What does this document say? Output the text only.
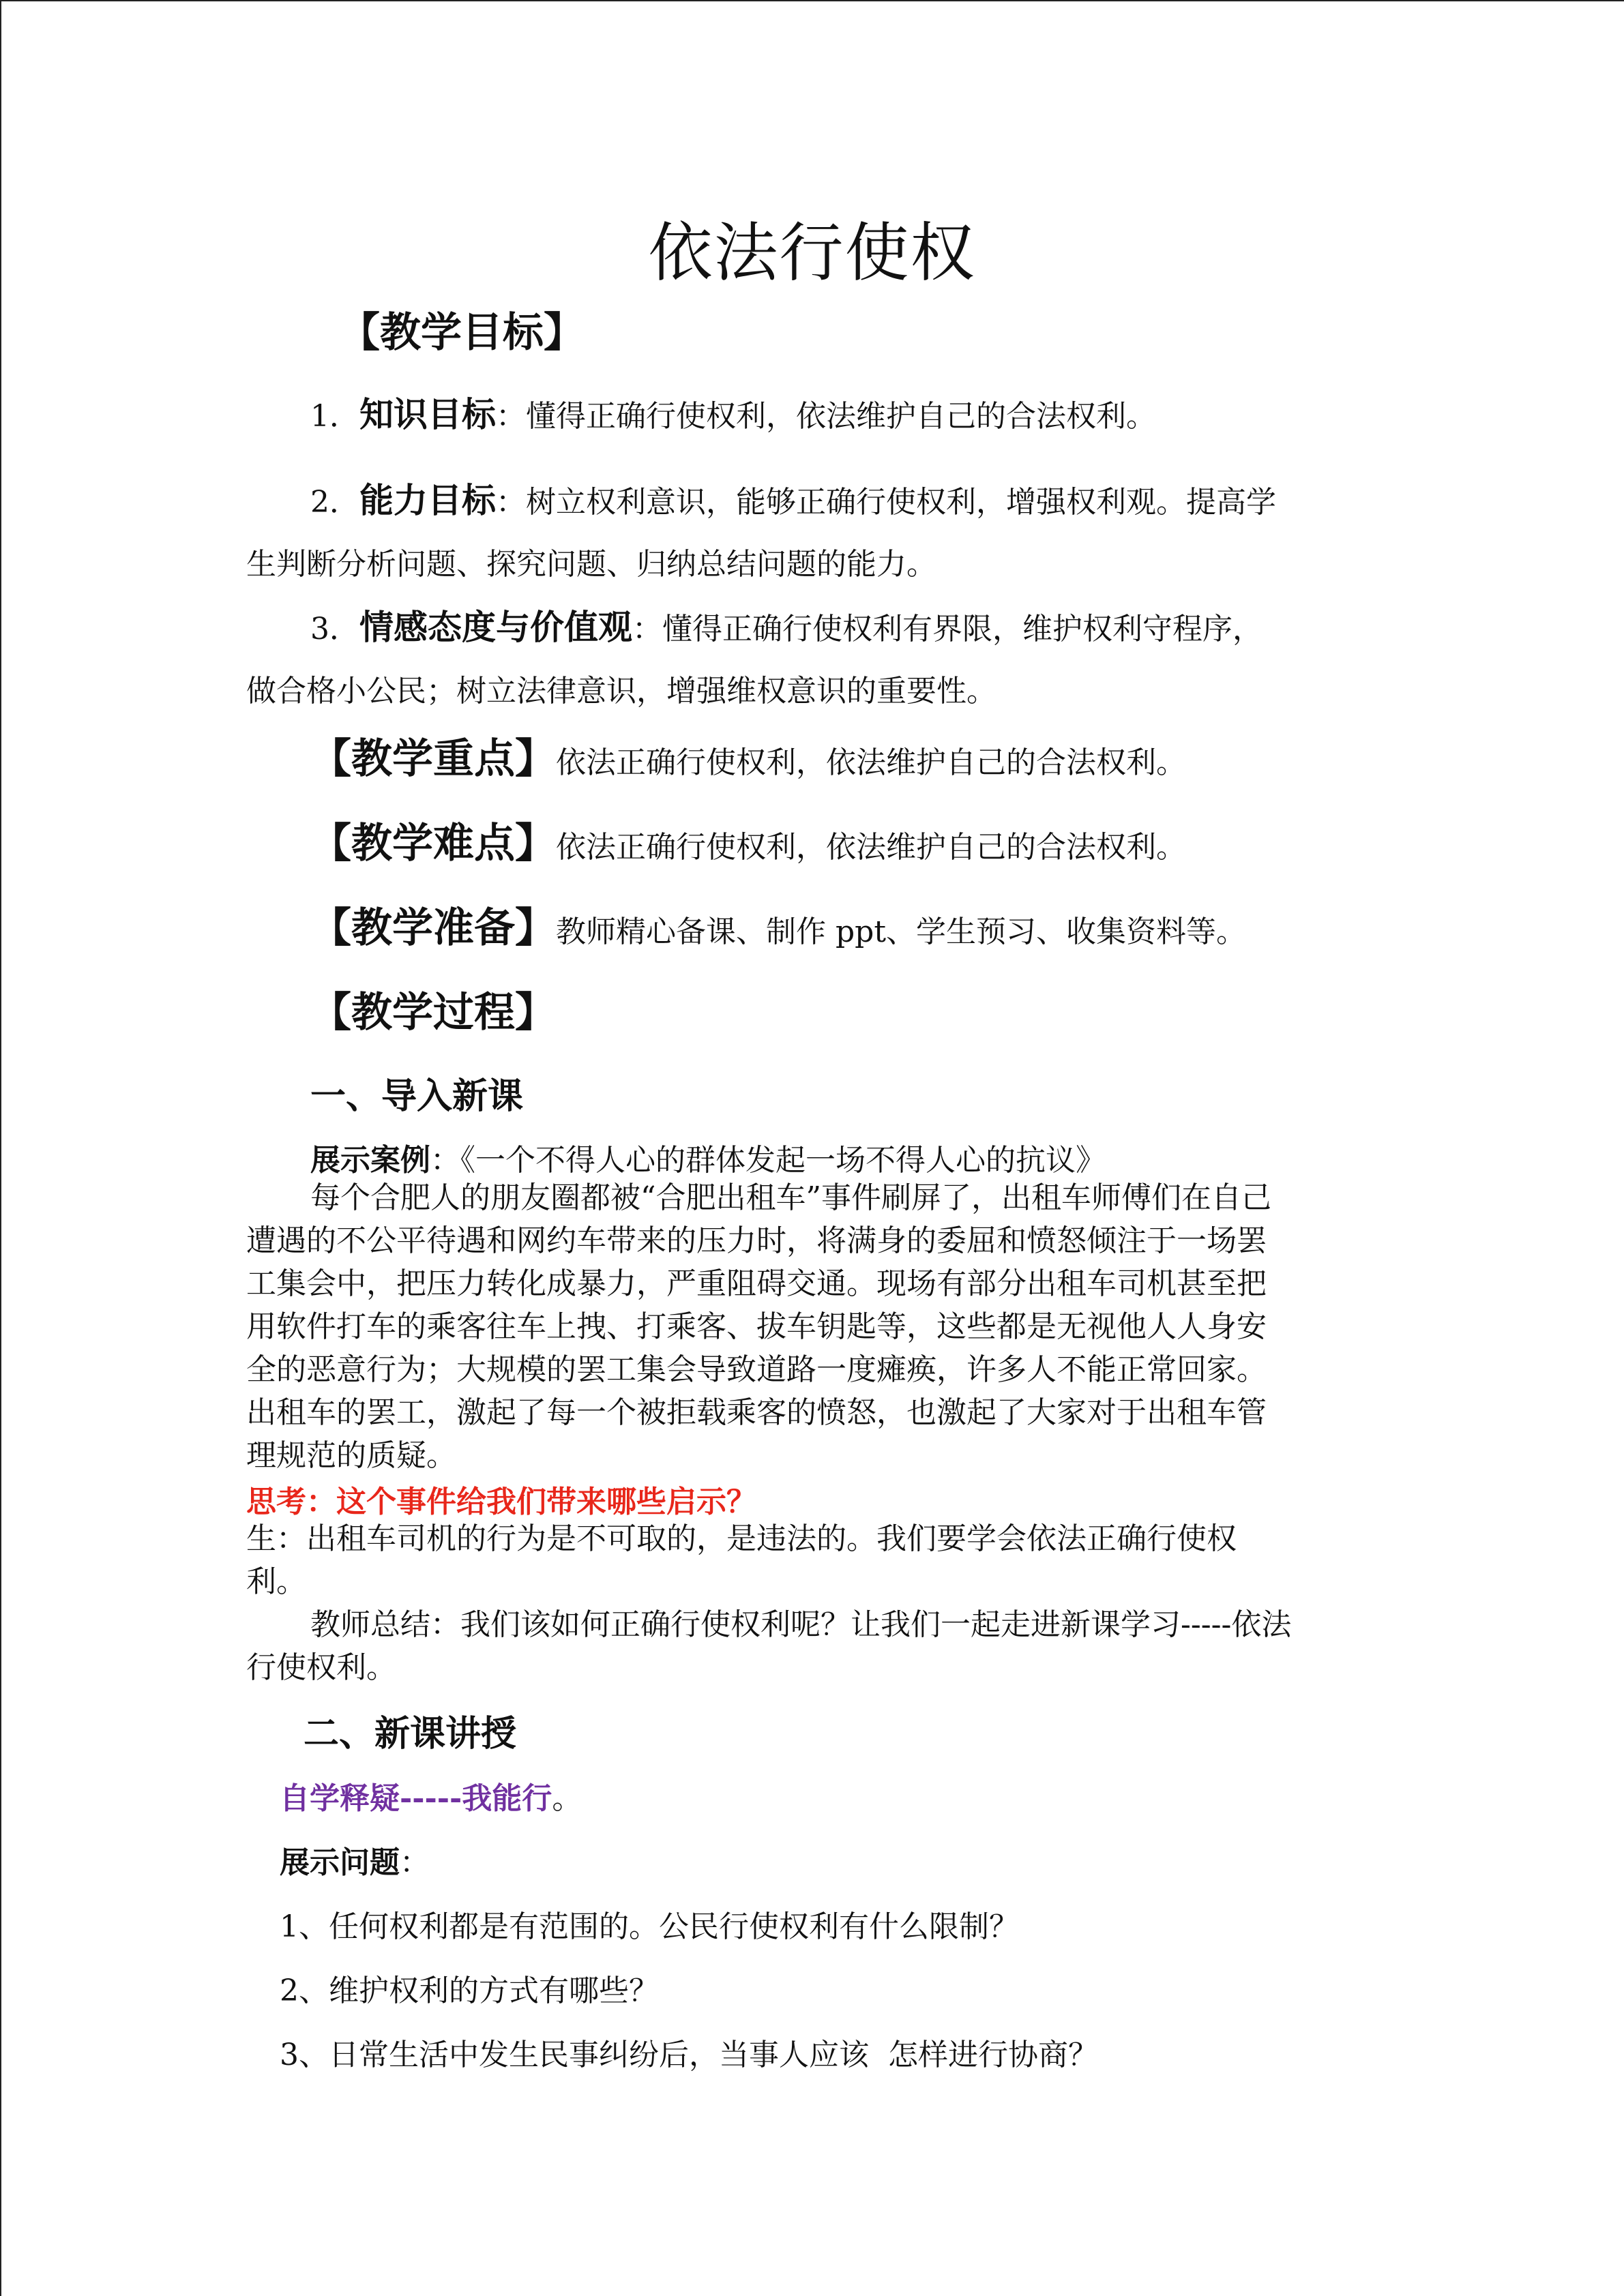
依法行使权
【教学目标】
1．知识目标：懂得正确行使权利，依法维护自己的合法权利。
2．能力目标：树立权利意识，能够正确行使权利，增强权利观。提高学
生判断分析问题、探究问题、归纳总结问题的能力。
3．情感态度与价值观：懂得正确行使权利有界限，维护权利守程序，
做合格小公民；树立法律意识，增强维权意识的重要性。
【教学重点】依法正确行使权利，依法维护自己的合法权利。
【教学难点】依法正确行使权利，依法维护自己的合法权利。
【教学准备】教师精心备课、制作 ppt、学生预习、收集资料等。
【教学过程】
一、导入新课
展示案例：《一个不得人心的群体发起一场不得人心的抗议》
每个合肥人的朋友圈都被“合肥出租车”事件刷屏了，出租车师傅们在自己
遭遇的不公平待遇和网约车带来的压力时，将满身的委屈和愤怒倾注于一场罢
工集会中，把压力转化成暴力，严重阻碍交通。现场有部分出租车司机甚至把
用软件打车的乘客往车上拽、打乘客、拔车钥匙等，这些都是无视他人人身安
全的恶意行为；大规模的罢工集会导致道路一度瘫痪，许多人不能正常回家。
出租车的罢工，激起了每一个被拒载乘客的愤怒，也激起了大家对于出租车管
理规范的质疑。
思考：这个事件给我们带来哪些启示？
生：出租车司机的行为是不可取的，是违法的。我们要学会依法正确行使权
利。
教师总结：我们该如何正确行使权利呢？让我们一起走进新课学习-----依法
行使权利。
二、新课讲授
自学释疑-----我能行。
展示问题：
1、任何权利都是有范围的。公民行使权利有什么限制？
2、维护权利的方式有哪些？
3、日常生活中发生民事纠纷后，当事人应该  怎样进行协商？
